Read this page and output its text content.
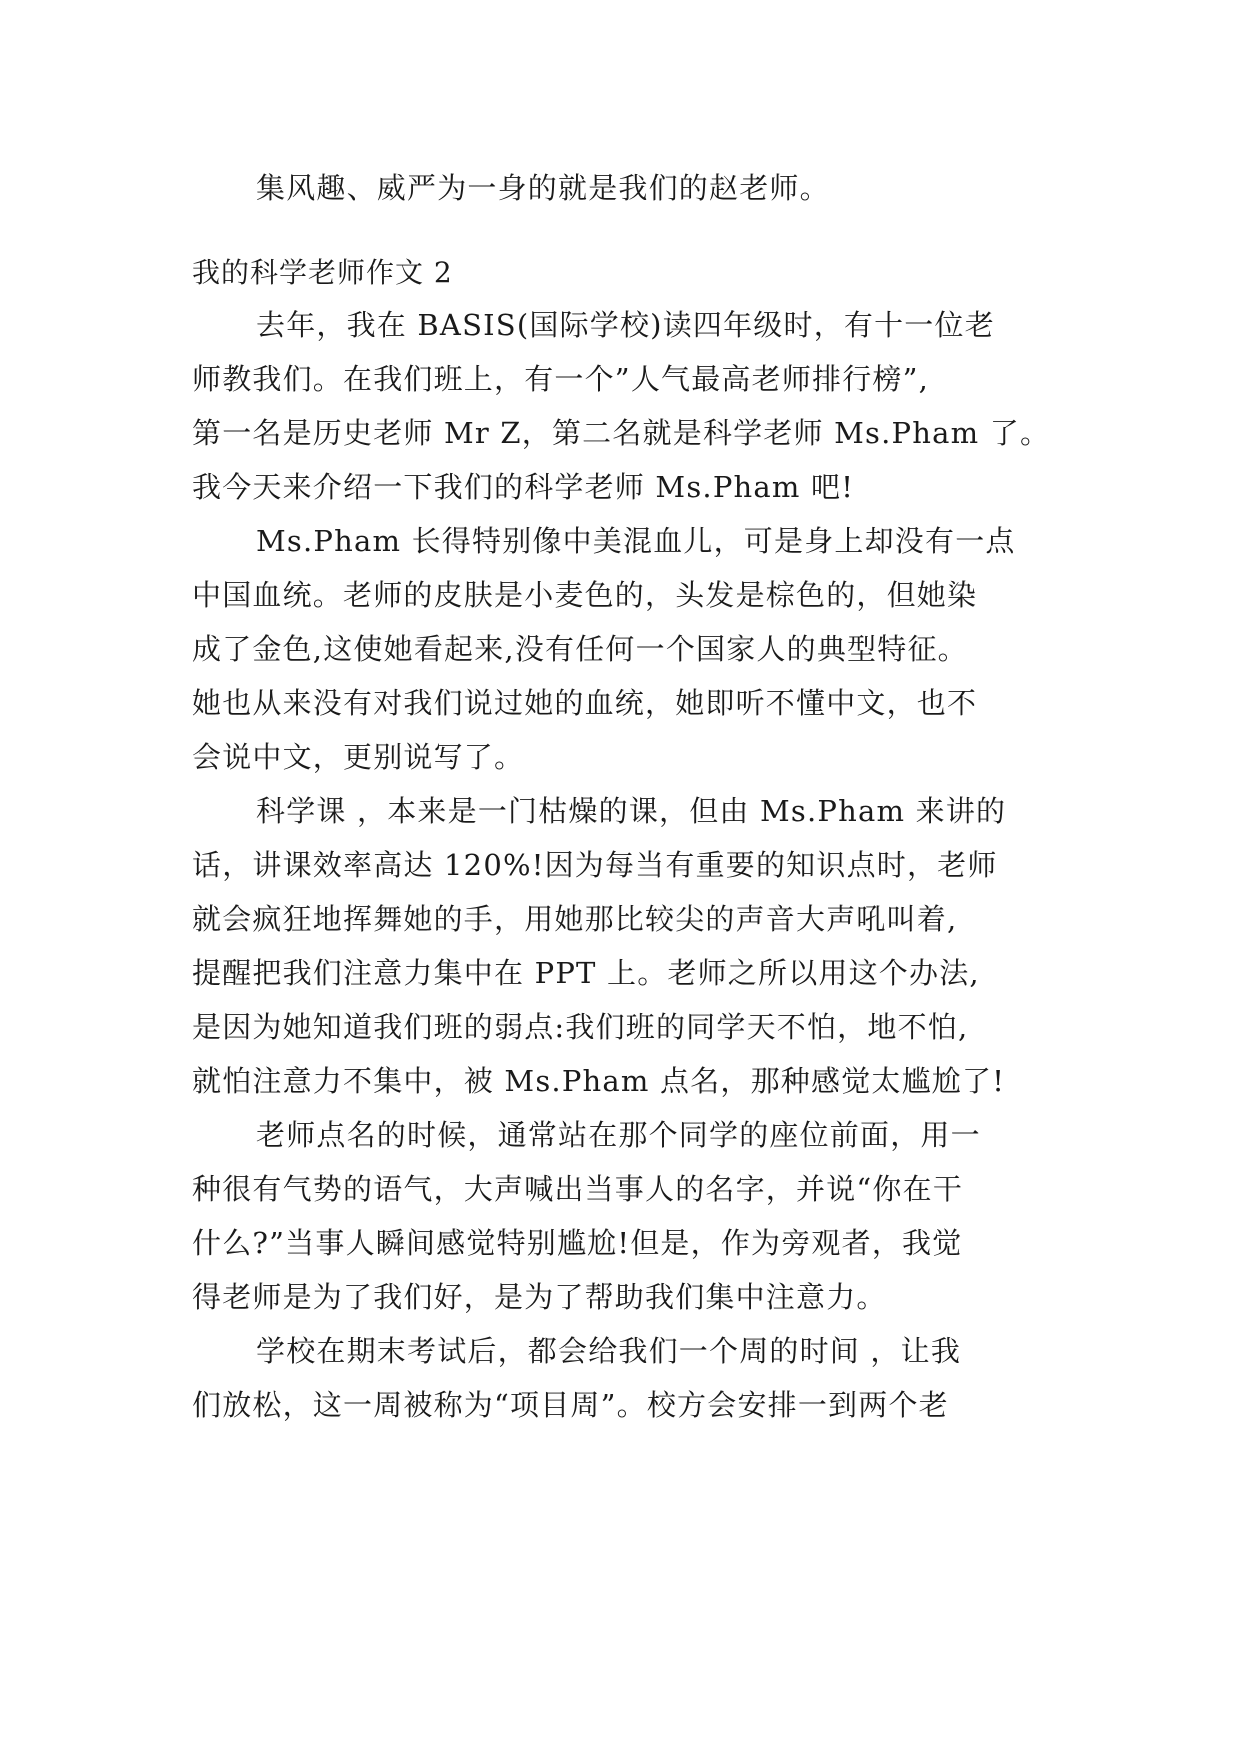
集风趣、威严为一身的就是我们的赵老师。
我的科学老师作文 2
去年，我在 BASIS(国际学校)读四年级时，有十一位老
师教我们。在我们班上，有一个”人气最高老师排行榜”,
第一名是历史老师 Mr Z，第二名就是科学老师 Ms.Pham 了。
我今天来介绍一下我们的科学老师 Ms.Pham 吧!
Ms.Pham 长得特别像中美混血儿，可是身上却没有一点
中国血统。老师的皮肤是小麦色的，头发是棕色的，但她染
成了金色,这使她看起来,没有任何一个国家人的典型特征。
她也从来没有对我们说过她的血统，她即听不懂中文，也不
会说中文，更别说写了。
科学课 ，本来是一门枯燥的课，但由 Ms.Pham 来讲的
话，讲课效率高达 120%!因为每当有重要的知识点时，老师
就会疯狂地挥舞她的手，用她那比较尖的声音大声吼叫着,
提醒把我们注意力集中在 PPT 上。老师之所以用这个办法,
是因为她知道我们班的弱点:我们班的同学天不怕，地不怕,
就怕注意力不集中，被 Ms.Pham 点名，那种感觉太尴尬了!
老师点名的时候，通常站在那个同学的座位前面，用一
种很有气势的语气，大声喊出当事人的名字，并说“你在干
什么?”当事人瞬间感觉特别尴尬!但是，作为旁观者，我觉
得老师是为了我们好，是为了帮助我们集中注意力。
学校在期末考试后，都会给我们一个周的时间 ，让我
们放松，这一周被称为“项目周”。校方会安排一到两个老
